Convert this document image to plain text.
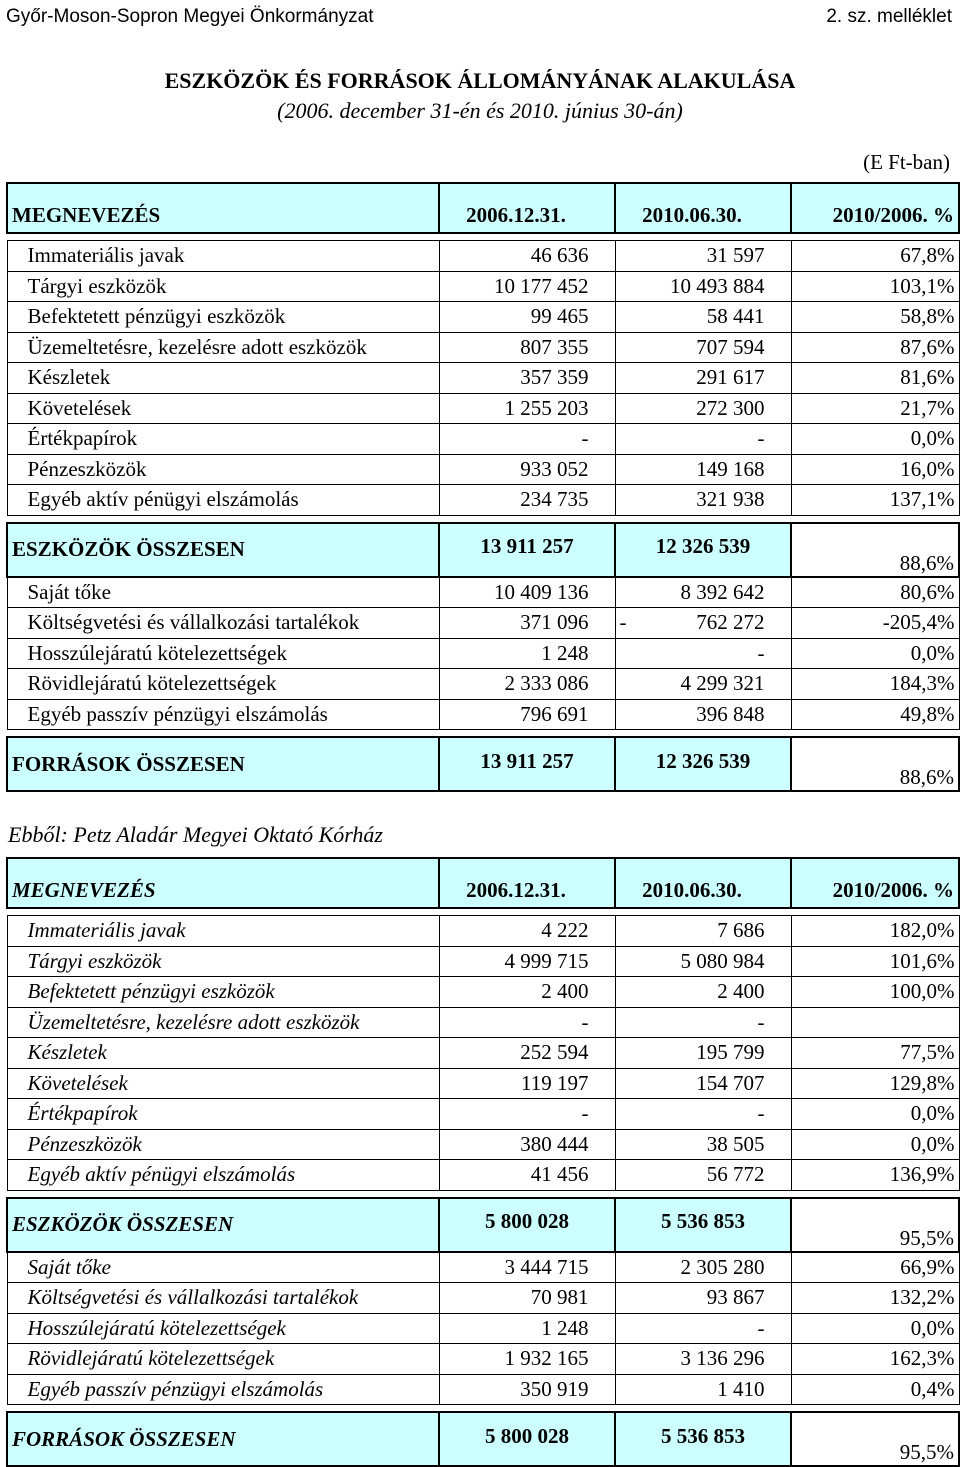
Győr-Moson-Sopron Megyei Önkormányzat	2. sz. melléklet
ESZKÖZÖK ÉS FORRÁSOK ÁLLOMÁNYÁNAK ALAKULÁSA
(2006. december 31-én és 2010. június 30-án)
(E Ft-ban)
MEGNEVEZÉS	2006.12.31.	2010.06.30.	2010/2006. %

Immateriális javak	46 636	31 597	67,8%
Tárgyi eszközök	10 177 452	10 493 884	103,1%
Befektetett pénzügyi eszközök	99 465	58 441	58,8%
Üzemeltetésre, kezelésre adott eszközök	807 355	707 594	87,6%
Készletek	357 359	291 617	81,6%
Követelések	1 255 203	272 300	21,7%
Értékpapírok	-	-	0,0%
Pénzeszközök	933 052	149 168	16,0%
Egyéb aktív pénügyi elszámolás	234 735	321 938	137,1%

ESZKÖZÖK ÖSSZESEN	13 911 257	12 326 539	88,6%
Saját tőke	10 409 136	8 392 642	80,6%
Költségvetési és vállalkozási tartalékok	371 096	- 762 272	-205,4%
Hosszúlejáratú kötelezettségek	1 248	-	0,0%
Rövidlejáratú kötelezettségek	2 333 086	4 299 321	184,3%
Egyéb passzív pénzügyi elszámolás	796 691	396 848	49,8%

FORRÁSOK ÖSSZESEN	13 911 257	12 326 539	88,6%
Ebből: Petz Aladár Megyei Oktató Kórház
MEGNEVEZÉS	2006.12.31.	2010.06.30.	2010/2006. %

Immateriális javak	4 222	7 686	182,0%
Tárgyi eszközök	4 999 715	5 080 984	101,6%
Befektetett pénzügyi eszközök	2 400	2 400	100,0%
Üzemeltetésre, kezelésre adott eszközök	-	-	
Készletek	252 594	195 799	77,5%
Követelések	119 197	154 707	129,8%
Értékpapírok	-	-	0,0%
Pénzeszközök	380 444	38 505	0,0%
Egyéb aktív pénügyi elszámolás	41 456	56 772	136,9%

ESZKÖZÖK ÖSSZESEN	5 800 028	5 536 853	95,5%
Saját tőke	3 444 715	2 305 280	66,9%
Költségvetési és vállalkozási tartalékok	70 981	93 867	132,2%
Hosszúlejáratú kötelezettségek	1 248	-	0,0%
Rövidlejáratú kötelezettségek	1 932 165	3 136 296	162,3%
Egyéb passzív pénzügyi elszámolás	350 919	1 410	0,4%

FORRÁSOK ÖSSZESEN	5 800 028	5 536 853	95,5%
